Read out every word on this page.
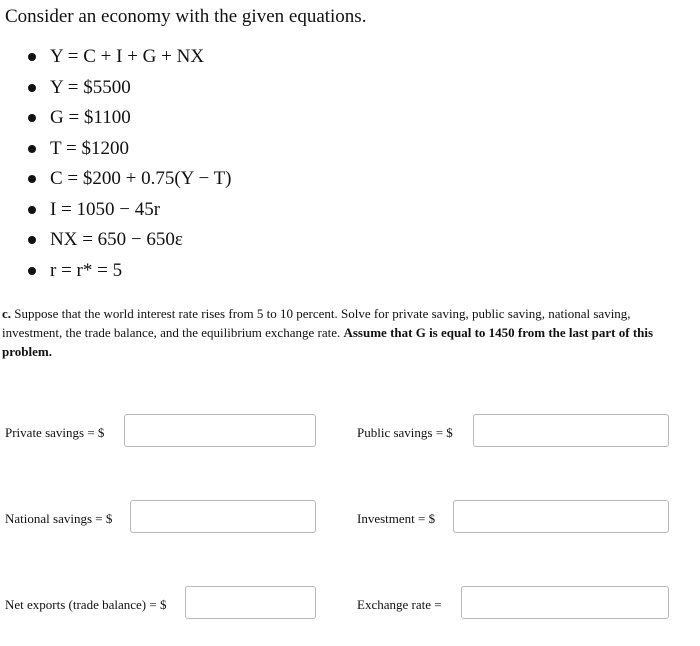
Consider an economy with the given equations.

Y = C + I + G + NX
Y = $5500
G = $1100
T = $1200
C = $200 + 0.75(Y − T)
I = 1050 − 45r
NX = 650 − 650ε
r = r* = 5

c. Suppose that the world interest rate rises from 5 to 10 percent. Solve for private saving, public saving, national saving, investment, the trade balance, and the equilibrium exchange rate. Assume that G is equal to 1450 from the last part of this problem.

Private savings = $	Public savings = $
National savings = $	Investment = $
Net exports (trade balance) = $	Exchange rate =
